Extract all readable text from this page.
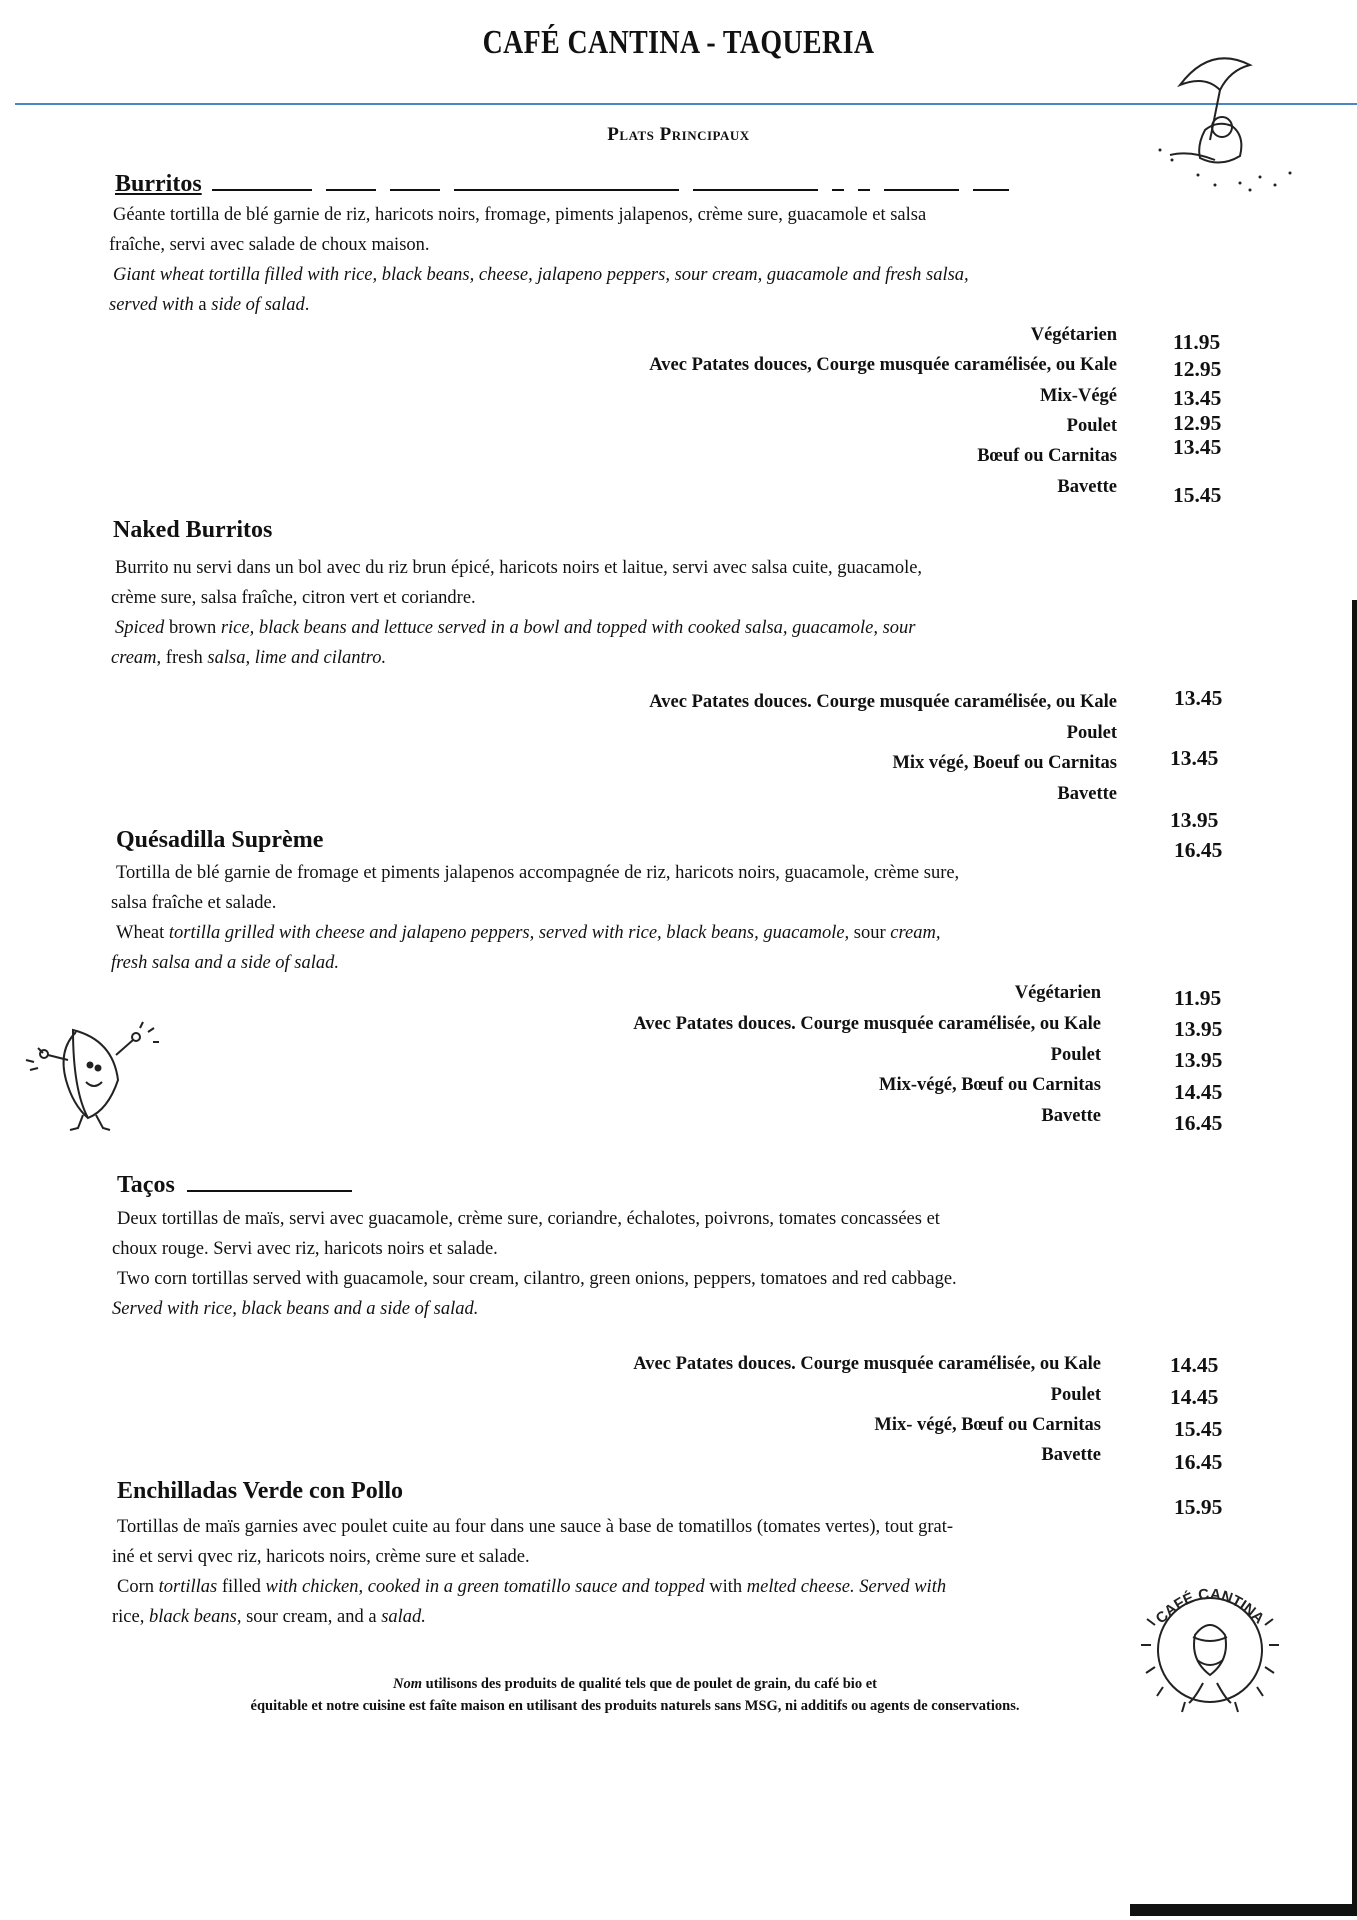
CAFÉ CANTINA - TAQUERIA
Plats Principaux
Burritos
Géante tortilla de blé garnie de riz, haricots noirs, fromage, piments jalapenos, crème sure, guacamole et salsa
fraîche, servi avec salade de choux maison.
Giant wheat tortilla filled with rice, black beans, cheese, jalapeno peppers, sour cream, guacamole and fresh salsa,
served with a side of salad.
Végétarien
Avec Patates douces, Courge musquée caramélisée, ou Kale
Mix-Végé
Poulet
Bœuf ou Carnitas
Bavette
11.95
12.95
13.45
12.95
13.45
15.45
Naked Burritos
Burrito nu servi dans un bol avec du riz brun épicé, haricots noirs et laitue, servi avec salsa cuite, guacamole,
crème sure, salsa fraîche, citron vert et coriandre.
Spiced brown rice, black beans and lettuce served in a bowl and topped with cooked salsa, guacamole, sour
cream, fresh salsa, lime and cilantro.
Avec Patates douces. Courge musquée caramélisée, ou Kale
Poulet
Mix végé, Boeuf ou Carnitas
Bavette
13.45
13.45
13.95
16.45
Quésadilla Suprème
Tortilla de blé garnie de fromage et piments jalapenos accompagnée de riz, haricots noirs, guacamole, crème sure,
salsa fraîche et salade.
Wheat tortilla grilled with cheese and jalapeno peppers, served with rice, black beans, guacamole, sour cream,
fresh salsa and a side of salad.
Végétarien
Avec Patates douces. Courge musquée caramélisée, ou Kale
Poulet
Mix-végé, Bœuf ou Carnitas
Bavette
11.95
13.95
13.95
14.45
16.45
Taços
Deux tortillas de maïs, servi avec guacamole, crème sure, coriandre, échalotes, poivrons, tomates concassées et
choux rouge. Servi avec riz, haricots noirs et salade.
Two corn tortillas served with guacamole, sour cream, cilantro, green onions, peppers, tomatoes and red cabbage.
Served with rice, black beans and a side of salad.
Avec Patates douces. Courge musquée caramélisée, ou Kale
Poulet
Mix- végé, Bœuf ou Carnitas
Bavette
14.45
14.45
15.45
16.45
Enchilladas Verde con Pollo
15.95
Tortillas de maïs garnies avec poulet cuite au four dans une sauce à base de tomatillos (tomates vertes), tout grat-
iné et servi qvec riz, haricots noirs, crème sure et salade.
Corn tortillas filled with chicken, cooked in a green tomatillo sauce and topped with melted cheese. Served with
rice, black beans, sour cream, and a salad.	CAFÉ CANTINA
Nom utilisons des produits de qualité tels que de poulet de grain, du café bio et
équitable et notre cuisine est faîte maison en utilisant des produits naturels sans MSG, ni additifs ou agents de conservations.
